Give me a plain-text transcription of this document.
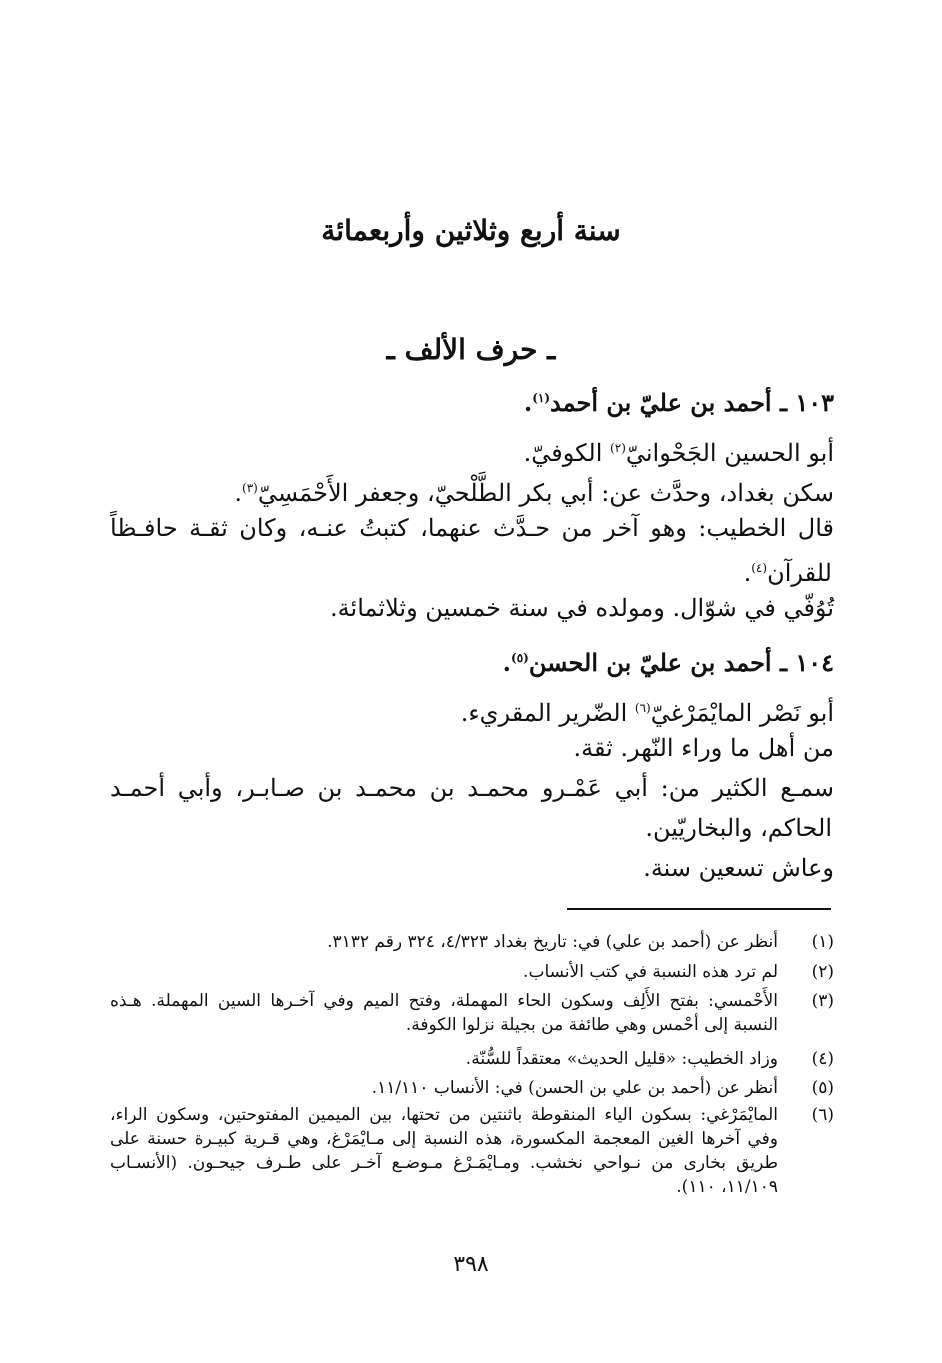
سنة أربع وثلاثين وأربعمائة
ـ حرف الألف ـ
١٠٣ ـ أحمد بن عليّ بن أحمد$^{(١)}$.
أبو الحسين الجَحْوانيّ$^{(٢)}$ الكوفيّ.
سكن بغداد، وحدَّث عن: أبي بكر الطَّلْحيّ، وجعفر الأَحْمَسِيّ$^{(٣)}$.
قال الخطيب: وهو آخر من حـدَّث عنهما، كتبتُ عنـه، وكان ثقـة حافـظاً
للقرآن$^{(٤)}$.
تُوُفّي في شوّال. ومولده في سنة خمسين وثلاثمائة.
١٠٤ ـ أحمد بن عليّ بن الحسن$^{(٥)}$.
أبو نَصْر المايْمَرْغيّ$^{(٦)}$ الضّرير المقريء.
من أهل ما وراء النّهر. ثقة.
سمـع الكثير من: أبي عَمْـرو محمـد بن محمـد بن صـابـر، وأبي أحمـد
الحاكم، والبخاريّين.
وعاش تسعين سنة.
(١)
أنظر عن (أحمد بن علي) في: تاريخ بغداد ٤/٣٢٣، ٣٢٤ رقم ٣١٣٢.
(٢)
لم ترد هذه النسبة في كتب الأنساب.
(٣)
الأَحْمسي: بفتح الأَلِف وسكون الحاء المهملة، وفتح الميم وفي آخـرها السين المهملة. هـذه النسبة إلى أحْمس وهي طائفة من بجيلة نزلوا الكوفة.
(٤)
وزاد الخطيب: «قليل الحديث» معتقداً للسُّنّة.
(٥)
أنظر عن (أحمد بن علي بن الحسن) في: الأنساب ١١/١١٠.
(٦)
المايْمَرْغي: بسكون الياء المنقوطة باثنتين من تحتها، بين الميمين المفتوحتين، وسكون الراء، وفي آخرها الغين المعجمة المكسورة، هذه النسبة إلى مـايْمَرْغ، وهي قـرية كبيـرة حسنة على طريق بخارى من نـواحي نخشب. ومـايْمَـرْغ مـوضـع آخـر على طـرف جيحـون. (الأنسـاب ١١/١٠٩، ١١٠).
٣٩٨
